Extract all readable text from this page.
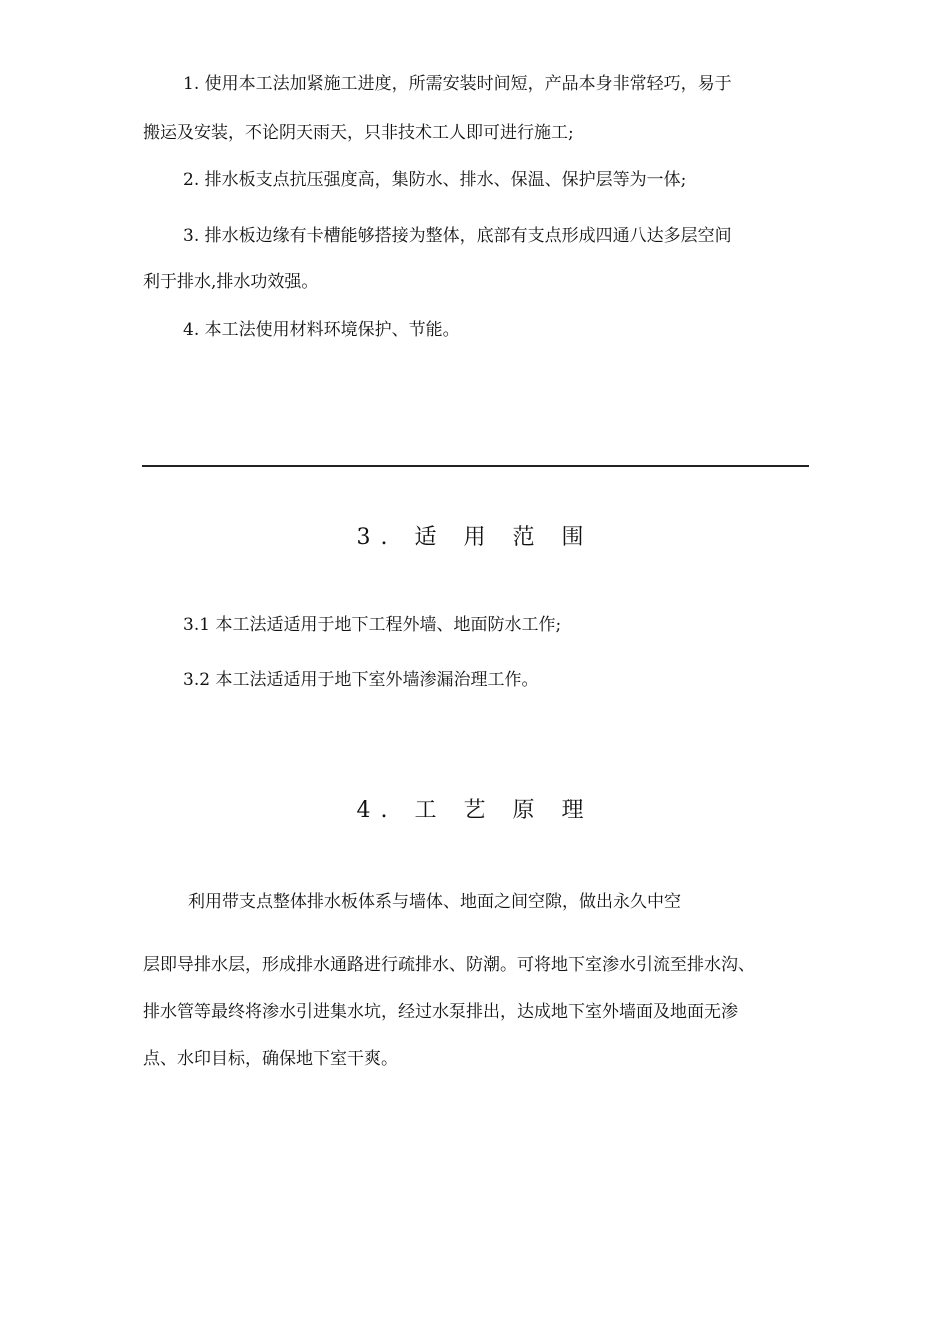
1. 使用本工法加紧施工进度，所需安装时间短，产品本身非常轻巧，易于
搬运及安装，不论阴天雨天，只非技术工人即可进行施工;
2. 排水板支点抗压强度高，集防水、排水、保温、保护层等为一体;
3. 排水板边缘有卡槽能够搭接为整体，底部有支点形成四通八达多层空间
利于排水,排水功效强。
4. 本工法使用材料环境保护、节能。
3. 适 用 范 围
3.1 本工法适适用于地下工程外墙、地面防水工作;
3.2 本工法适适用于地下室外墙渗漏治理工作。
4. 工 艺 原 理
利用带支点整体排水板体系与墙体、地面之间空隙，做出永久中空
层即导排水层，形成排水通路进行疏排水、防潮。可将地下室渗水引流至排水沟、
排水管等最终将渗水引进集水坑，经过水泵排出，达成地下室外墙面及地面无渗
点、水印目标，确保地下室干爽。
